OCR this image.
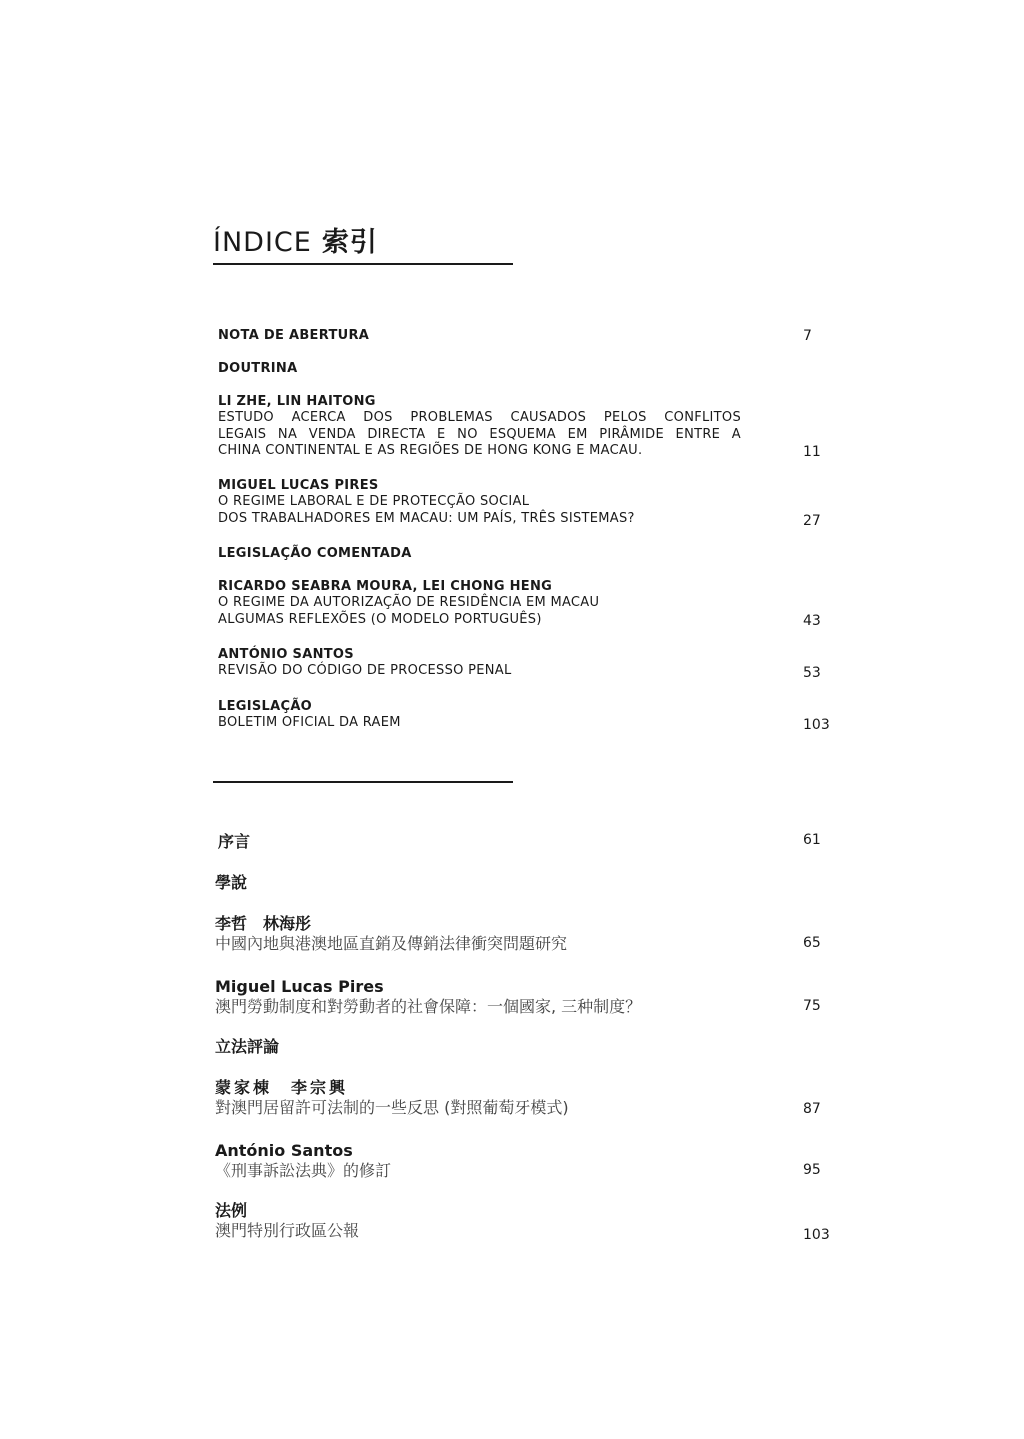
ÍNDICE 索引
NOTA DE ABERTURA	7
DOUTRINA
LI ZHE, LIN HAITONG
ESTUDO ACERCA DOS PROBLEMAS CAUSADOS PELOS CONFLITOS
LEGAIS NA VENDA DIRECTA E NO ESQUEMA EM PIRÂMIDE ENTRE A
CHINA CONTINENTAL E AS REGIÕES DE HONG KONG E MACAU.	11
MIGUEL LUCAS PIRES
O REGIME LABORAL E DE PROTECÇÃO SOCIAL
DOS TRABALHADORES EM MACAU: UM PAÍS, TRÊS SISTEMAS?	27
LEGISLAÇÃO COMENTADA
RICARDO SEABRA MOURA, LEI CHONG HENG
O REGIME DA AUTORIZAÇÃO DE RESIDÊNCIA EM MACAU
ALGUMAS REFLEXÕES (O MODELO PORTUGUÊS)	43
ANTÓNIO SANTOS
REVISÃO DO CÓDIGO DE PROCESSO PENAL	53
LEGISLAÇÃO
BOLETIM OFICIAL DA RAEM	103
序言	61
學說
李哲　林海彤
中國內地與港澳地區直銷及傳銷法律衝突問題研究	65
Miguel Lucas Pires
澳門勞動制度和對勞動者的社會保障：一個國家, 三种制度？	75
立法評論
蒙家棟　李宗興
對澳門居留許可法制的一些反思 (對照葡萄牙模式)	87
António Santos
《刑事訴訟法典》的修訂	95
法例
澳門特別行政區公報	103
